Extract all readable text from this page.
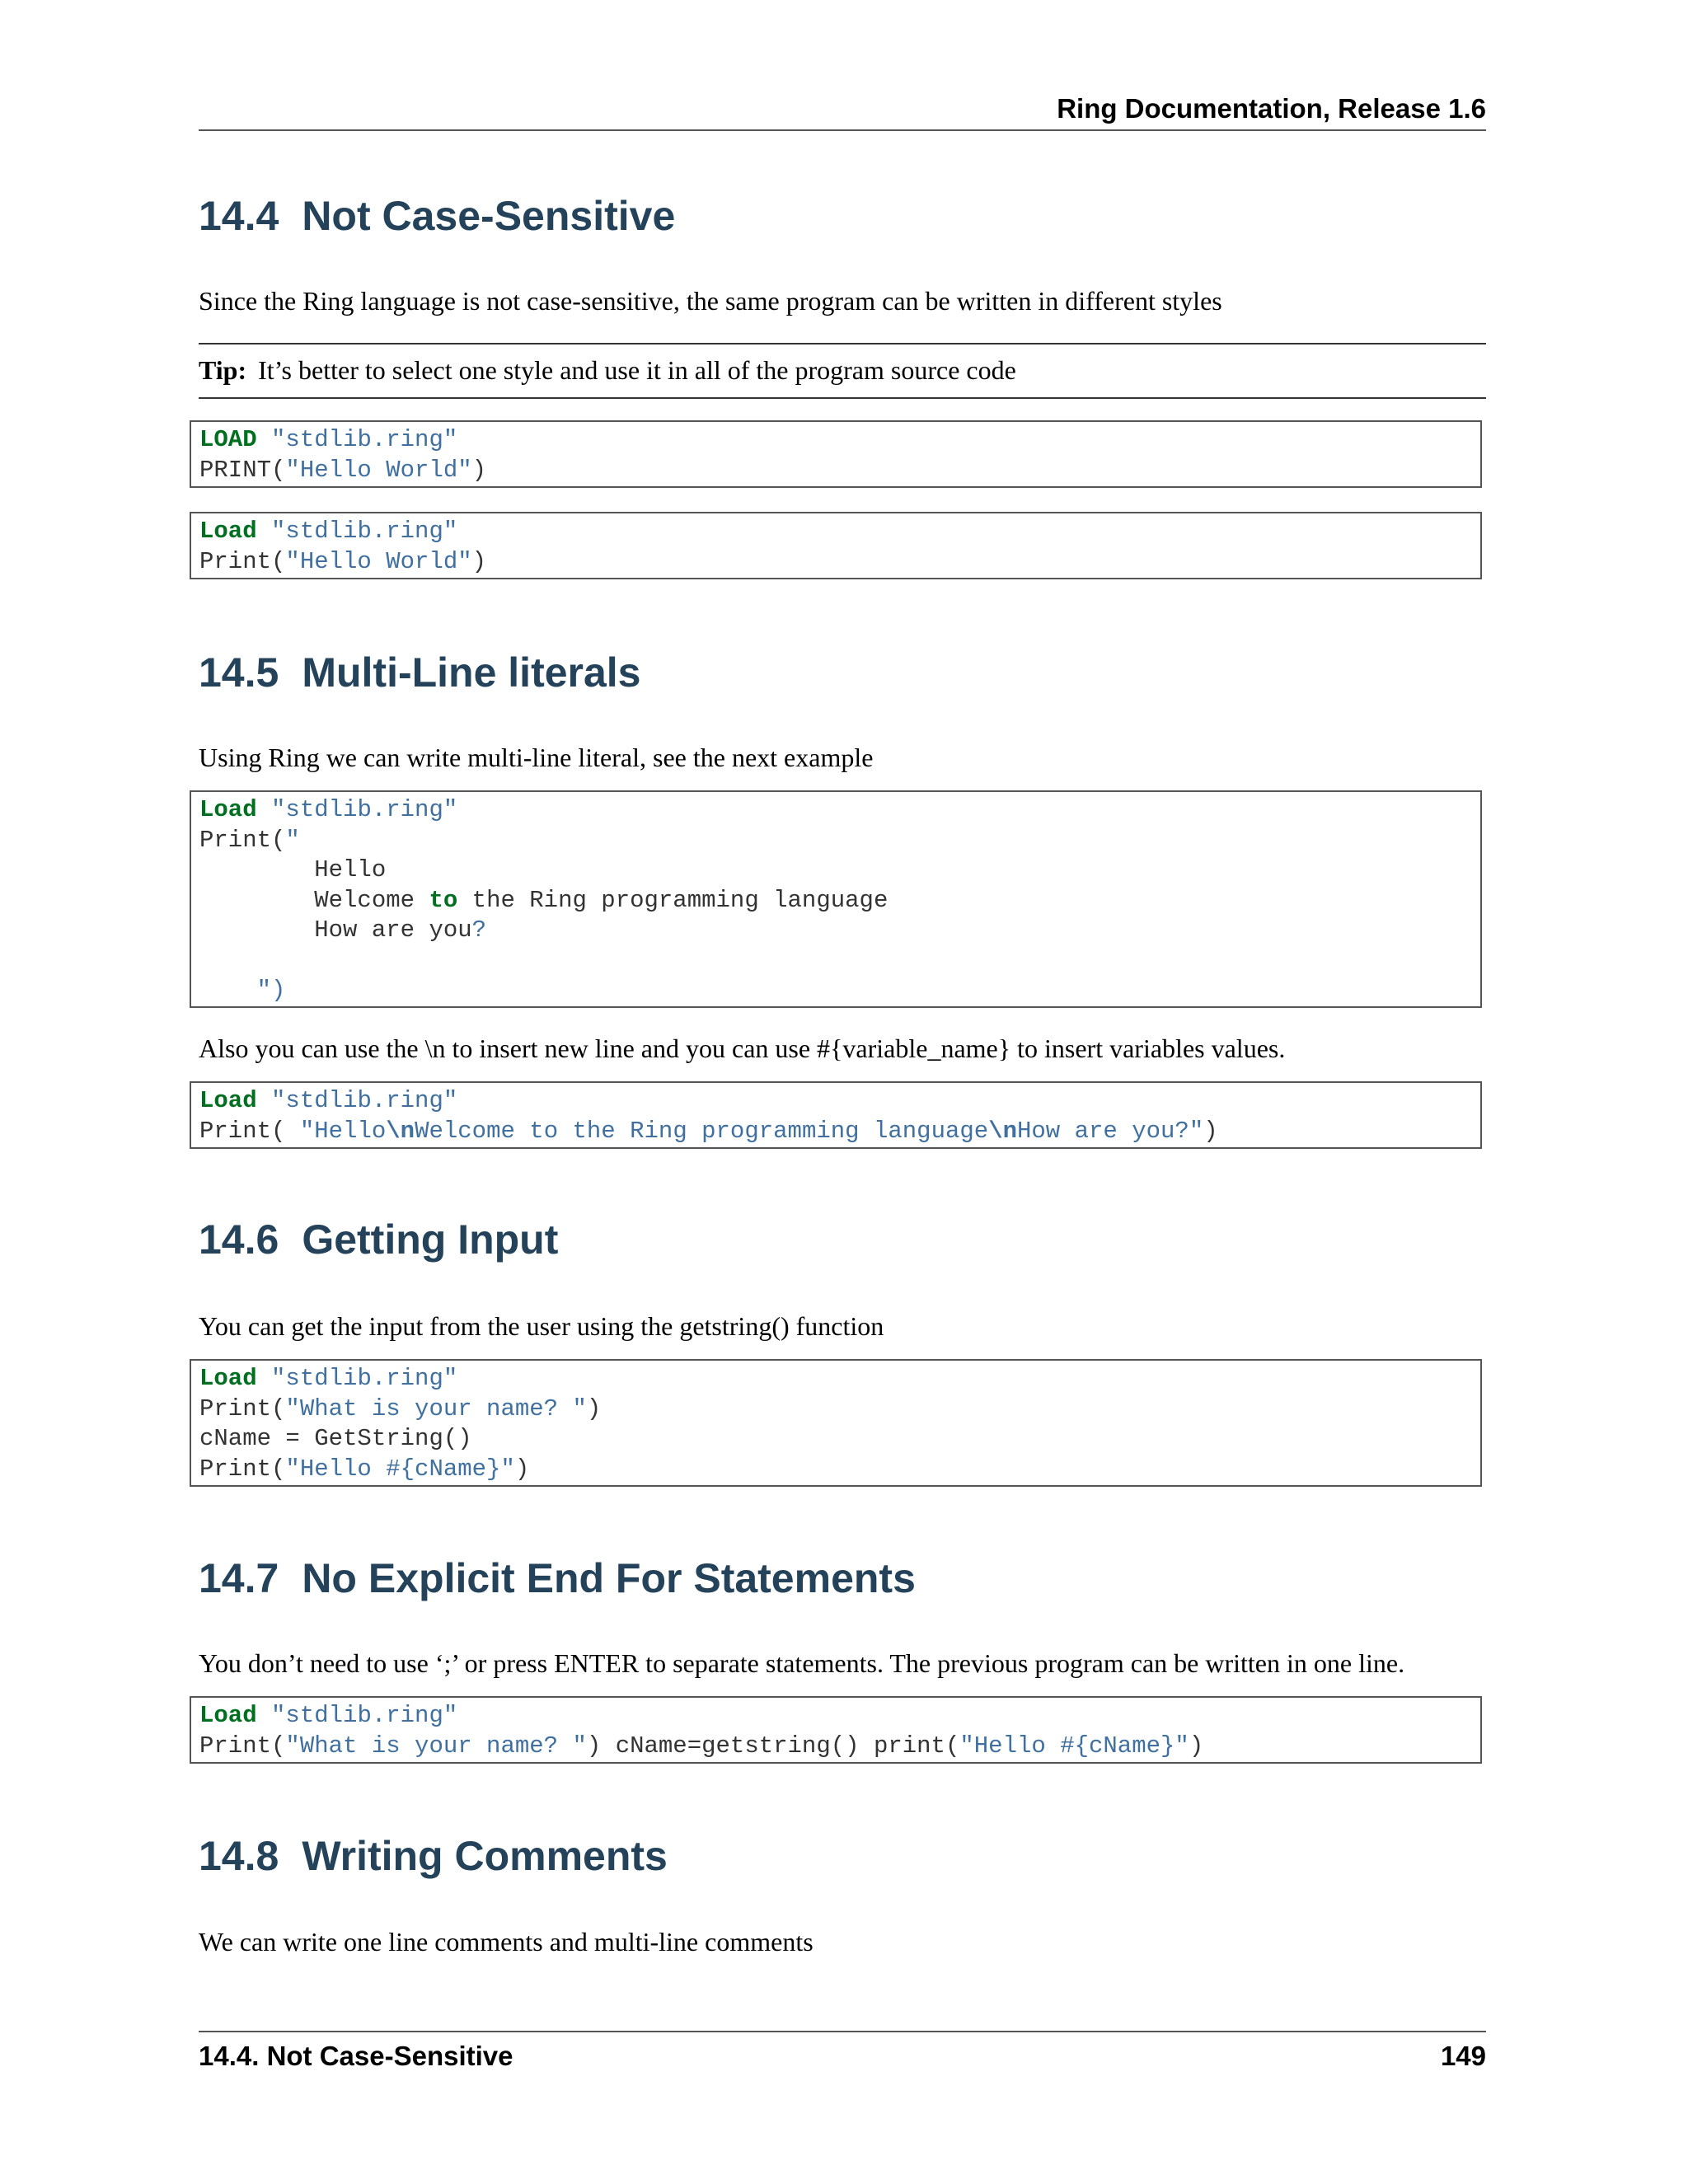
Ring Documentation, Release 1.6
14.4 Not Case-Sensitive
Since the Ring language is not case-sensitive, the same program can be written in different styles
Tip: It’s better to select one style and use it in all of the program source code
LOAD "stdlib.ring"
PRINT("Hello World")
Load "stdlib.ring"
Print("Hello World")
14.5 Multi-Line literals
Using Ring we can write multi-line literal, see the next example
Load "stdlib.ring"
Print("
Hello
Welcome to the Ring programming language
How are you?
")
Also you can use the \n to insert new line and you can use #{variable_name} to insert variables values.
Load "stdlib.ring"
Print( "Hello\nWelcome to the Ring programming language\nHow are you?")
14.6 Getting Input
You can get the input from the user using the getstring() function
Load "stdlib.ring"
Print("What is your name? ")
cName = GetString()
Print("Hello #{cName}")
14.7 No Explicit End For Statements
You don’t need to use ‘;’ or press ENTER to separate statements. The previous program can be written in one line.
Load "stdlib.ring"
Print("What is your name? ") cName=getstring() print("Hello #{cName}")
14.8 Writing Comments
We can write one line comments and multi-line comments
14.4. Not Case-Sensitive	149
